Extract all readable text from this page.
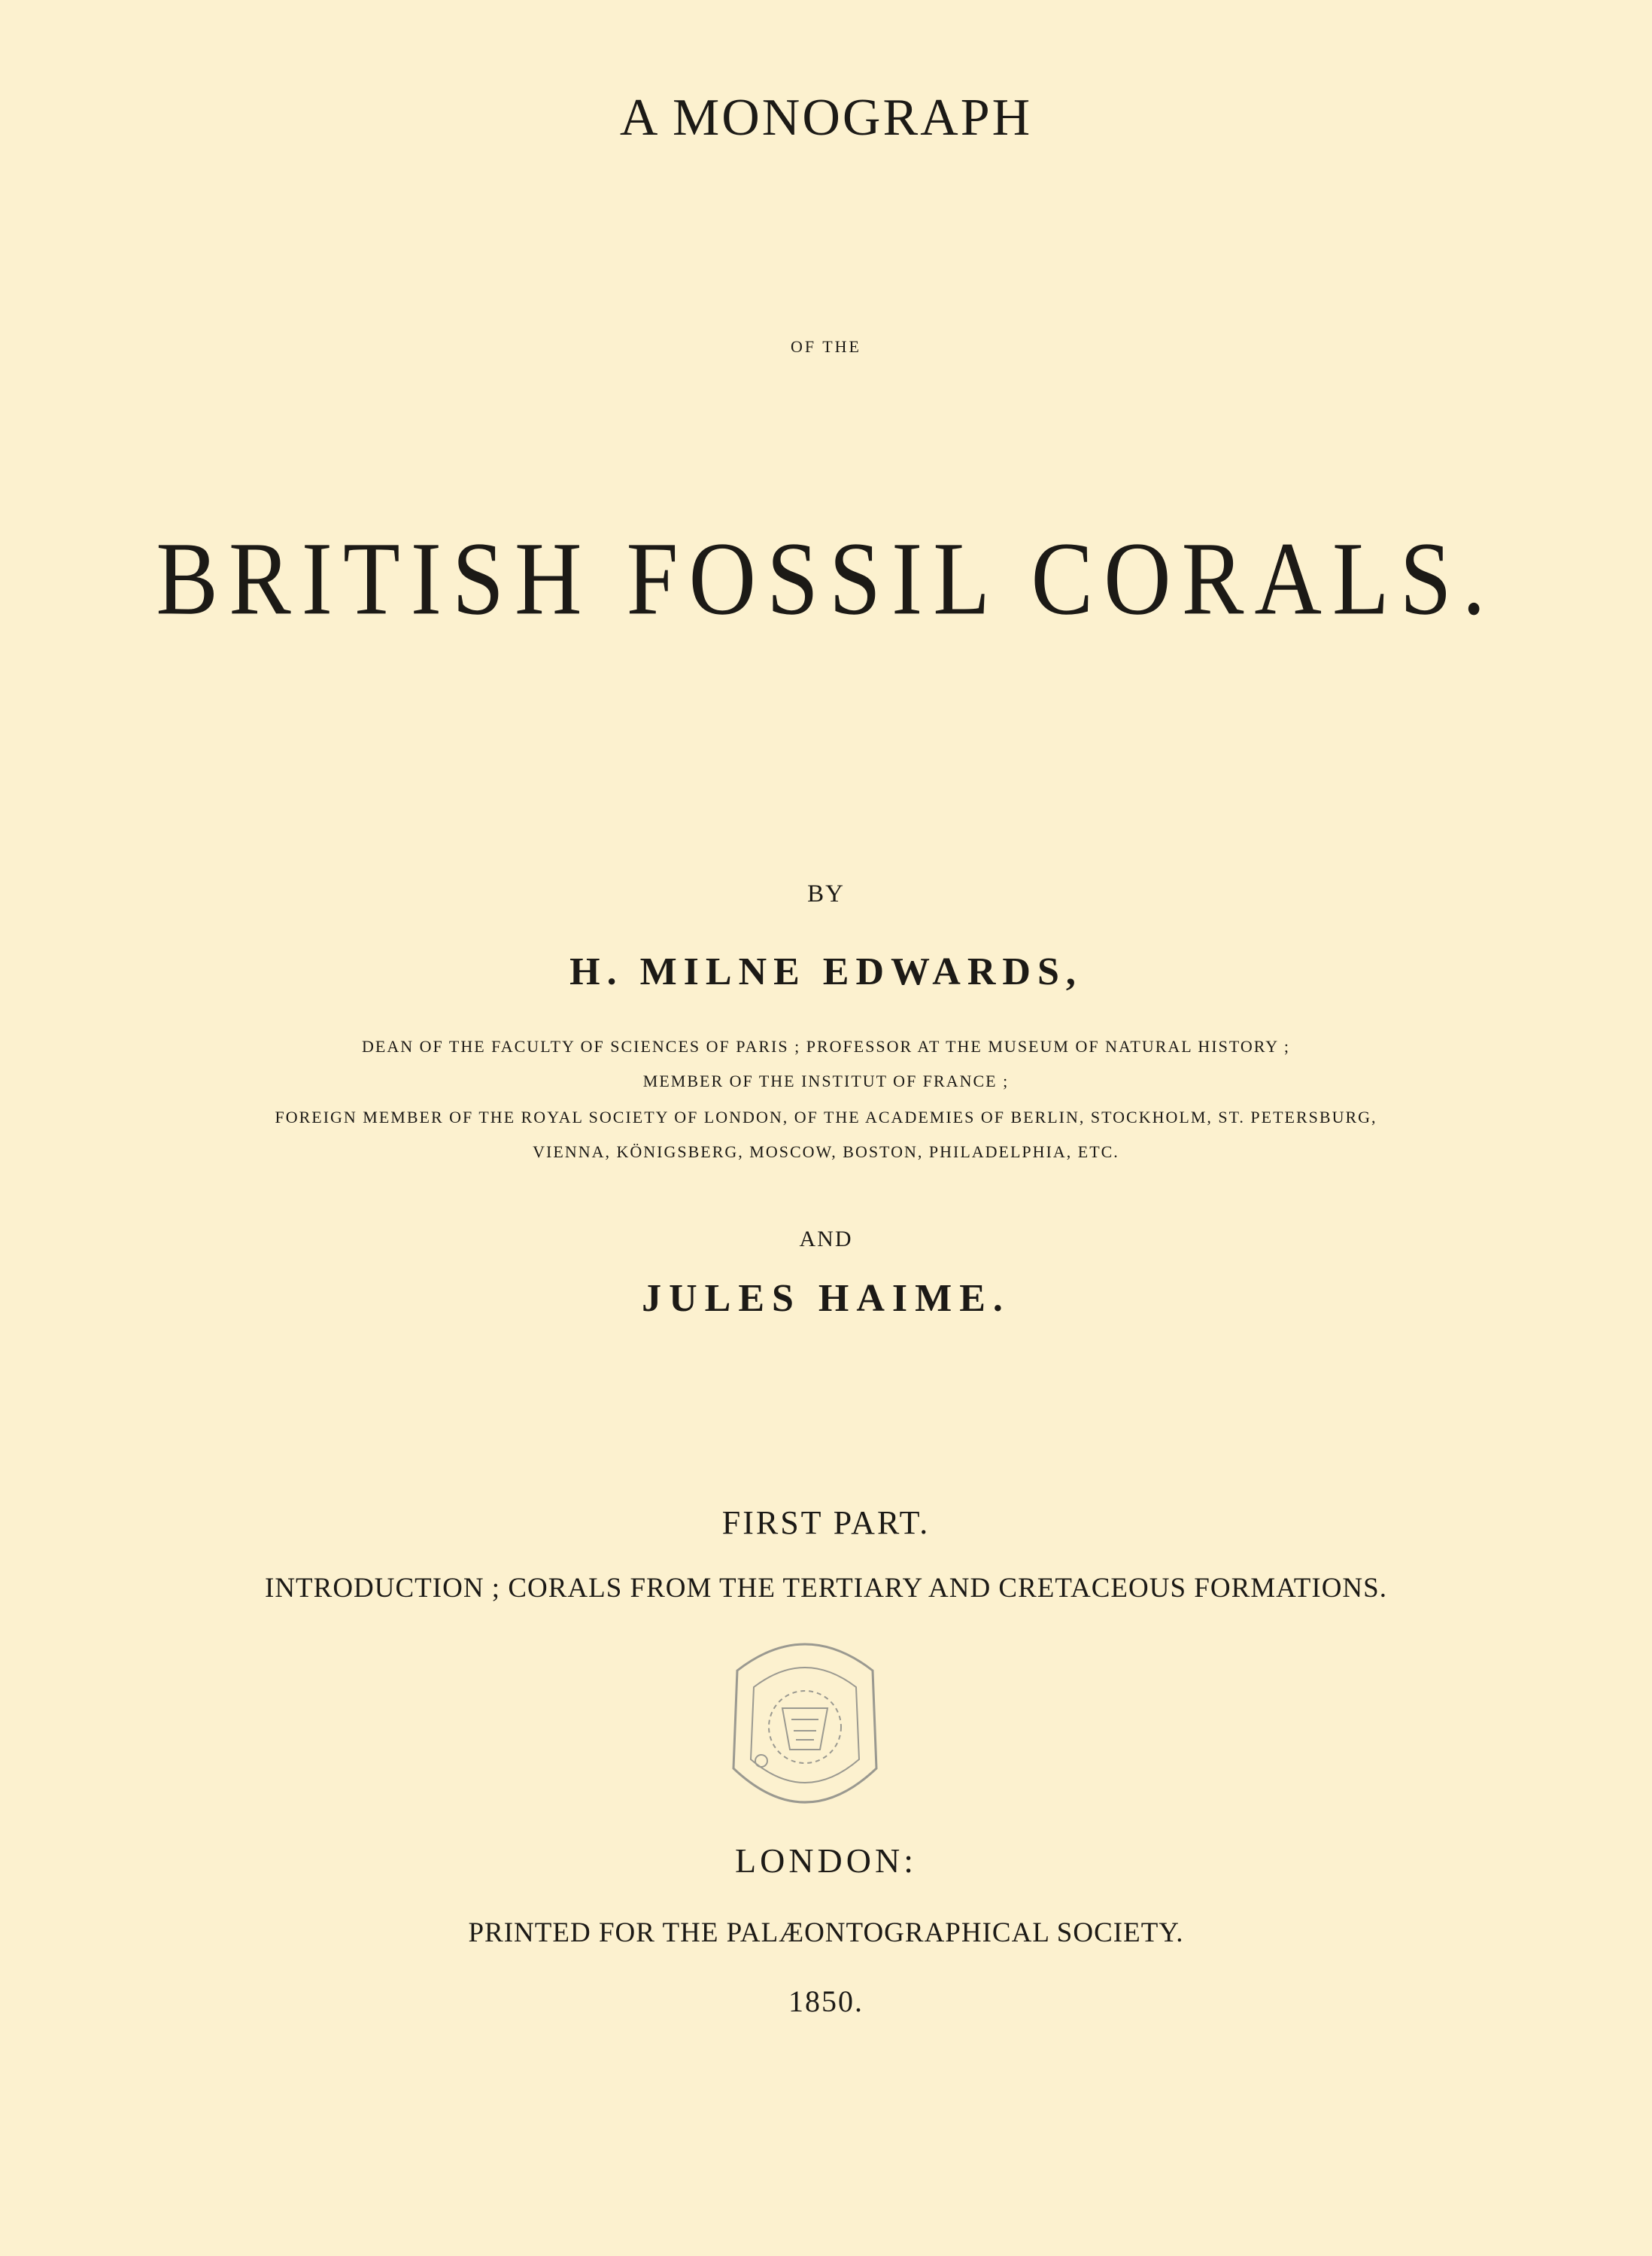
A MONOGRAPH
OF THE
BRITISH FOSSIL CORALS.
BY
H. MILNE EDWARDS,
DEAN OF THE FACULTY OF SCIENCES OF PARIS ; PROFESSOR AT THE MUSEUM OF NATURAL HISTORY ;
MEMBER OF THE INSTITUT OF FRANCE ;
FOREIGN MEMBER OF THE ROYAL SOCIETY OF LONDON, OF THE ACADEMIES OF BERLIN, STOCKHOLM, ST. PETERSBURG,
VIENNA, KÖNIGSBERG, MOSCOW, BOSTON, PHILADELPHIA, ETC.
AND
JULES HAIME.
FIRST PART.
INTRODUCTION ; CORALS FROM THE TERTIARY AND CRETACEOUS FORMATIONS.
LONDON:
PRINTED FOR THE PALÆONTOGRAPHICAL SOCIETY.
1850.
